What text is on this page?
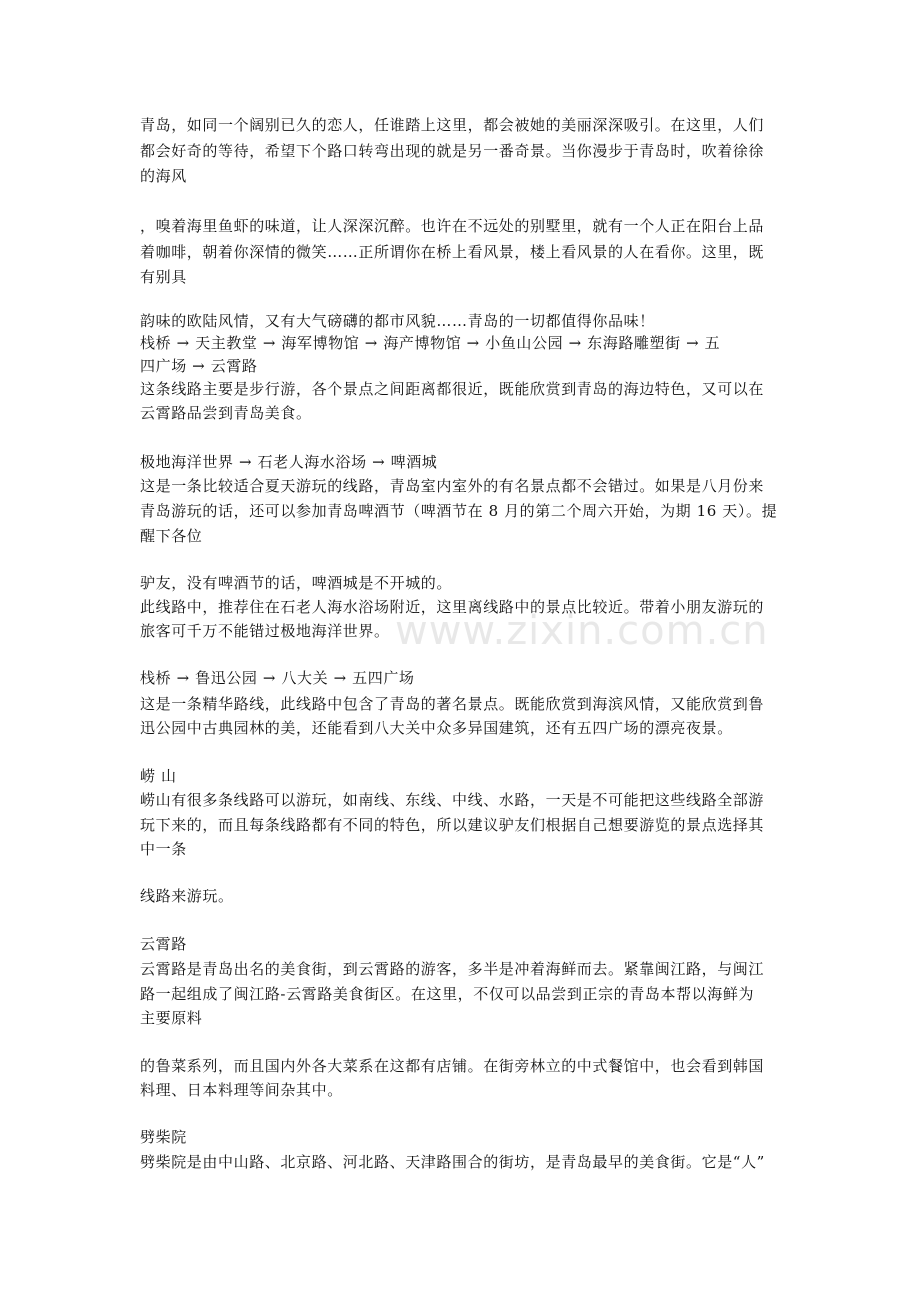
www.zixin.com.cn
青岛，如同一个阔别已久的恋人，任谁踏上这里，都会被她的美丽深深吸引。在这里，人们
都会好奇的等待，希望下个路口转弯出现的就是另一番奇景。当你漫步于青岛时，吹着徐徐
的海风
，嗅着海里鱼虾的味道，让人深深沉醉。也许在不远处的别墅里，就有一个人正在阳台上品
着咖啡，朝着你深情的微笑……正所谓你在桥上看风景，楼上看风景的人在看你。这里，既
有别具
韵味的欧陆风情，又有大气磅礴的都市风貌……青岛的一切都值得你品味！
栈桥 → 天主教堂 → 海军博物馆 → 海产博物馆 → 小鱼山公园 → 东海路雕塑街 → 五
四广场 → 云霄路
这条线路主要是步行游，各个景点之间距离都很近，既能欣赏到青岛的海边特色，又可以在
云霄路品尝到青岛美食。
极地海洋世界 → 石老人海水浴场 → 啤酒城
这是一条比较适合夏天游玩的线路，青岛室内室外的有名景点都不会错过。如果是八月份来
青岛游玩的话，还可以参加青岛啤酒节（啤酒节在 8 月的第二个周六开始，为期 16 天）。提
醒下各位
驴友，没有啤酒节的话，啤酒城是不开城的。
此线路中，推荐住在石老人海水浴场附近，这里离线路中的景点比较近。带着小朋友游玩的
旅客可千万不能错过极地海洋世界。
栈桥 → 鲁迅公园 → 八大关 → 五四广场
这是一条精华路线，此线路中包含了青岛的著名景点。既能欣赏到海滨风情，又能欣赏到鲁
迅公园中古典园林的美，还能看到八大关中众多异国建筑，还有五四广场的漂亮夜景。
崂 山
崂山有很多条线路可以游玩，如南线、东线、中线、水路，一天是不可能把这些线路全部游
玩下来的，而且每条线路都有不同的特色，所以建议驴友们根据自己想要游览的景点选择其
中一条
线路来游玩。
云霄路
云霄路是青岛出名的美食街，到云霄路的游客，多半是冲着海鲜而去。紧靠闽江路，与闽江
路一起组成了闽江路-云霄路美食街区。在这里，不仅可以品尝到正宗的青岛本帮以海鲜为
主要原料
的鲁菜系列，而且国内外各大菜系在这都有店铺。在街旁林立的中式餐馆中，也会看到韩国
料理、日本料理等间杂其中。
劈柴院
劈柴院是由中山路、北京路、河北路、天津路围合的街坊，是青岛最早的美食街。它是“人”
